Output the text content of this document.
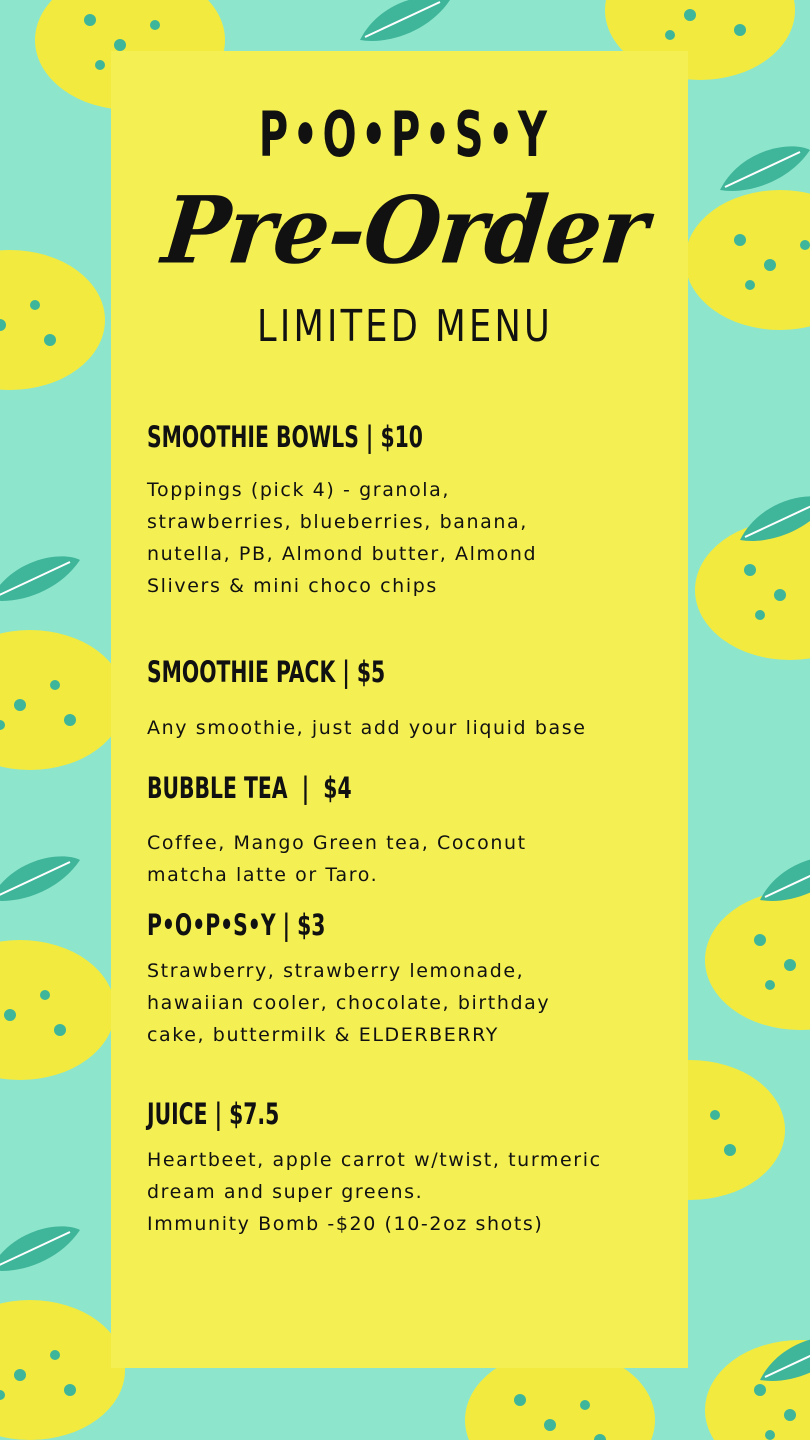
P•O•P•S•Y
Pre-Order
LIMITED MENU
SMOOTHIE BOWLS | $10
Toppings (pick 4) - granola,
strawberries, blueberries, banana,
nutella, PB, Almond butter, Almond
Slivers & mini choco chips
SMOOTHIE PACK | $5
Any smoothie, just add your liquid base
BUBBLE TEA  |  $4
Coffee, Mango Green tea, Coconut
matcha latte or Taro.
P•O•P•S•Y | $3
Strawberry, strawberry lemonade,
hawaiian cooler, chocolate, birthday
cake, buttermilk & ELDERBERRY
JUICE | $7.5
Heartbeet, apple carrot w/twist, turmeric
dream and super greens.
Immunity Bomb -$20 (10-2oz shots)
